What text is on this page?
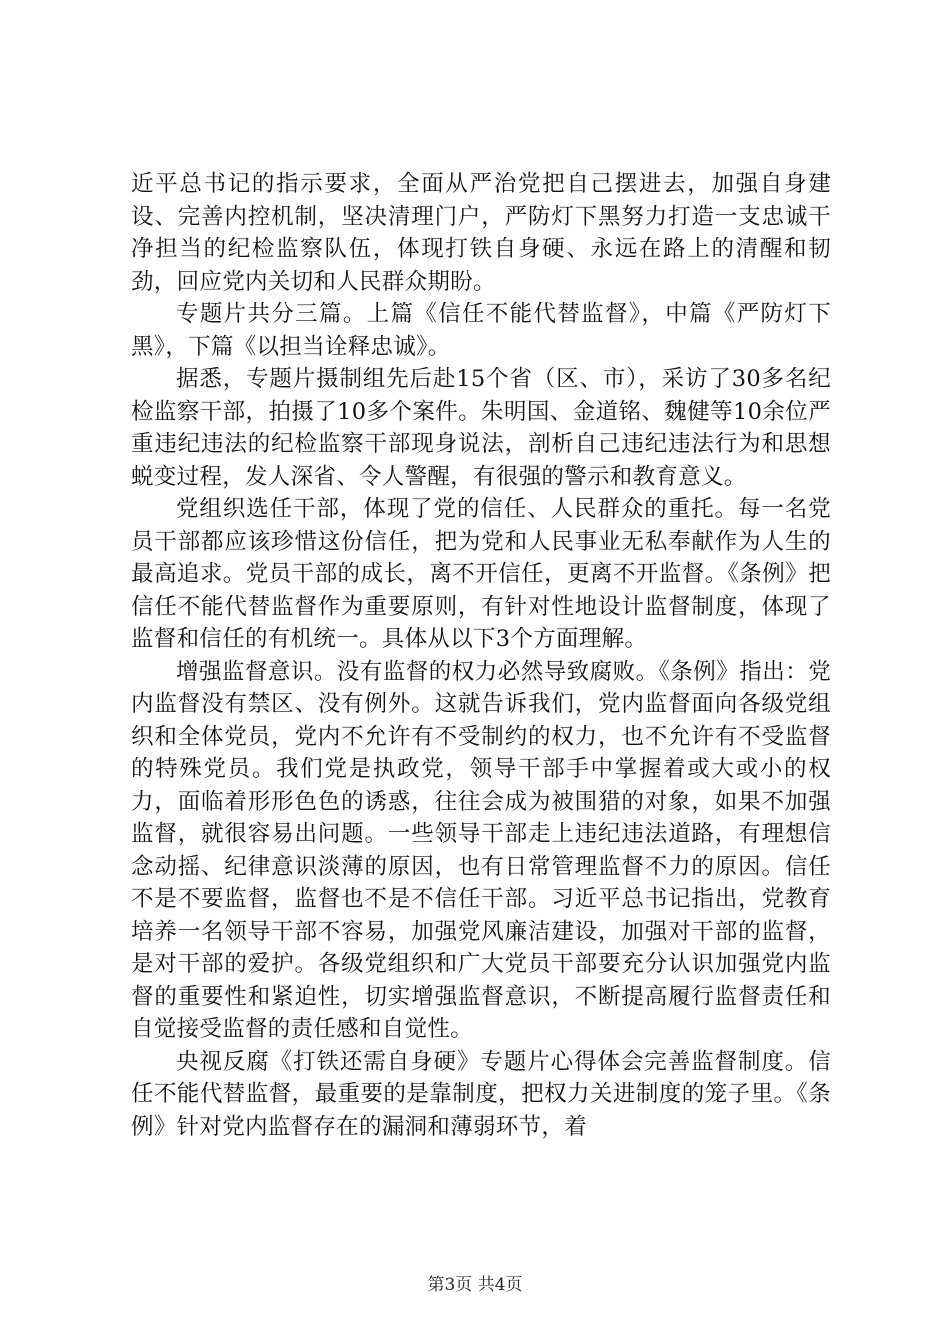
近平总书记的指示要求，全面从严治党把自己摆进去，加强自身建设、完善内控机制，坚决清理门户，严防灯下黑努力打造一支忠诚干净担当的纪检监察队伍，体现打铁自身硬、永远在路上的清醒和韧劲，回应党内关切和人民群众期盼。

专题片共分三篇。上篇《信任不能代替监督》，中篇《严防灯下黑》，下篇《以担当诠释忠诚》。

据悉，专题片摄制组先后赴15个省（区、市），采访了30多名纪检监察干部，拍摄了10多个案件。朱明国、金道铭、魏健等10余位严重违纪违法的纪检监察干部现身说法，剖析自己违纪违法行为和思想蜕变过程，发人深省、令人警醒，有很强的警示和教育意义。

党组织选任干部，体现了党的信任、人民群众的重托。每一名党员干部都应该珍惜这份信任，把为党和人民事业无私奉献作为人生的最高追求。党员干部的成长，离不开信任，更离不开监督。《条例》把信任不能代替监督作为重要原则，有针对性地设计监督制度，体现了监督和信任的有机统一。具体从以下3个方面理解。

增强监督意识。没有监督的权力必然导致腐败。《条例》指出：党内监督没有禁区、没有例外。这就告诉我们，党内监督面向各级党组织和全体党员，党内不允许有不受制约的权力，也不允许有不受监督的特殊党员。我们党是执政党，领导干部手中掌握着或大或小的权力，面临着形形色色的诱惑，往往会成为被围猎的对象，如果不加强监督，就很容易出问题。一些领导干部走上违纪违法道路，有理想信念动摇、纪律意识淡薄的原因，也有日常管理监督不力的原因。信任不是不要监督，监督也不是不信任干部。习近平总书记指出，党教育培养一名领导干部不容易，加强党风廉洁建设，加强对干部的监督，是对干部的爱护。各级党组织和广大党员干部要充分认识加强党内监督的重要性和紧迫性，切实增强监督意识，不断提高履行监督责任和自觉接受监督的责任感和自觉性。

央视反腐《打铁还需自身硬》专题片心得体会完善监督制度。信任不能代替监督，最重要的是靠制度，把权力关进制度的笼子里。《条例》针对党内监督存在的漏洞和薄弱环节，着

第3页 共4页
